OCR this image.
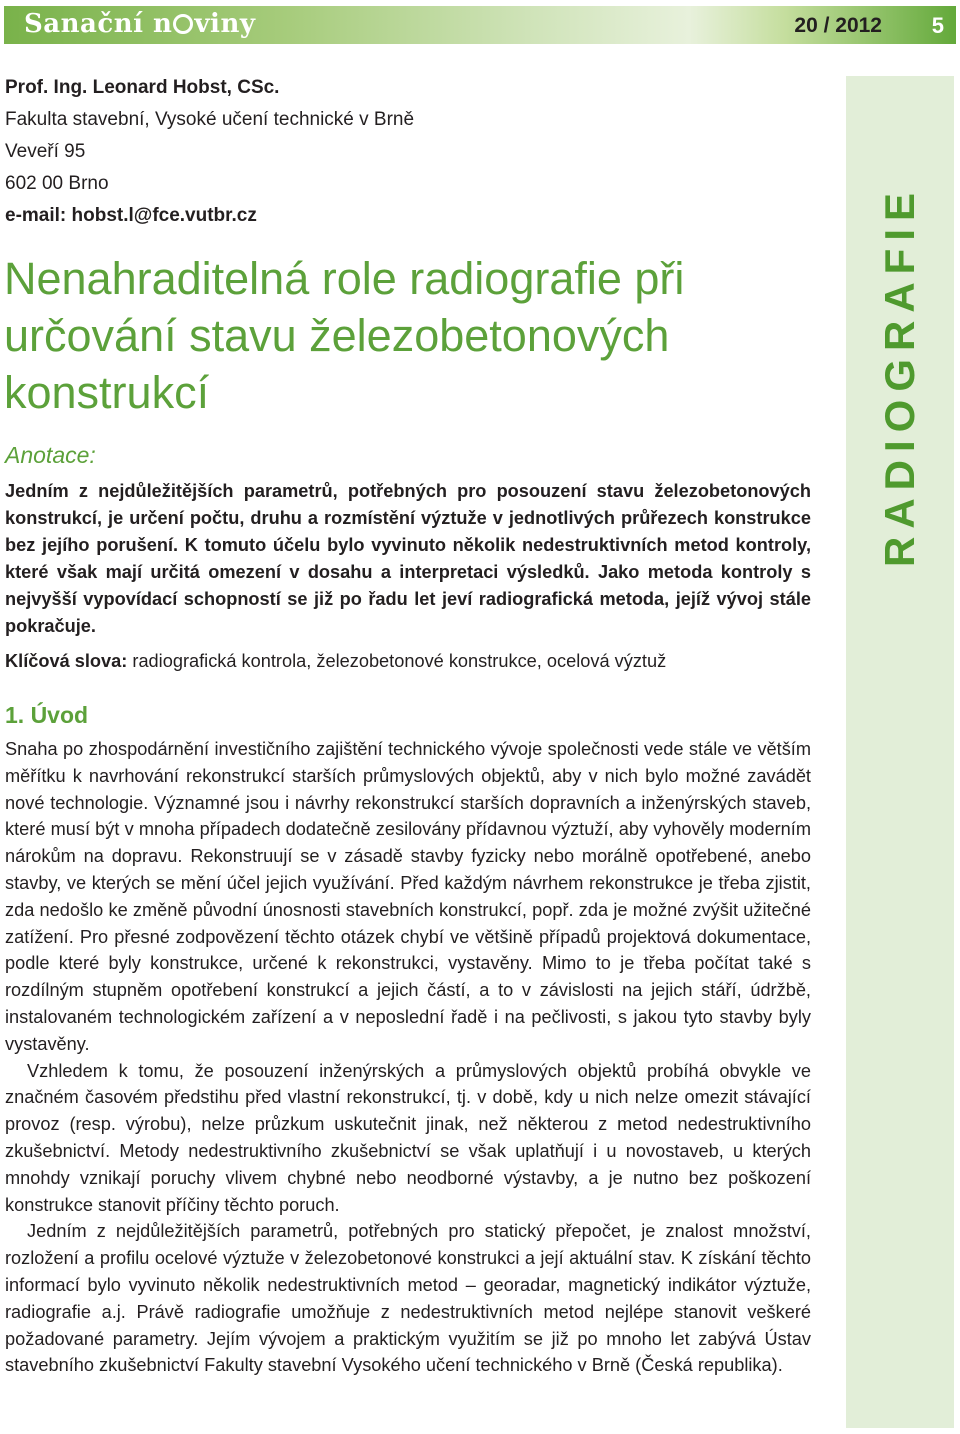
Sanační n viny	20 / 2012 5
RADIOGRAFIE
Prof. Ing. Leonard Hobst, CSc.
Fakulta stavební, Vysoké učení technické v Brně
Veveří 95
602 00 Brno
e-mail: hobst.l@fce.vutbr.cz
Nenahraditelná role radiografie při určování stavu železobetonových konstrukcí
Anotace:

Jedním z nejdůležitějších parametrů, potřebných pro posouzení stavu železobetonových konstrukcí, je určení počtu, druhu a rozmístění výztuže v jednotlivých průřezech konstrukce bez jejího porušení. K tomuto účelu bylo vyvinuto několik nedestruktivních metod kontroly, které však mají určitá omezení v dosahu a interpretaci výsledků. Jako metoda kontroly s nejvyšší vypovídací schopností se již po řadu let jeví radiografická metoda, jejíž vývoj stále pokračuje.

Klíčová slova: radiografická kontrola, železobetonové konstrukce, ocelová výztuž

1. Úvod

Snaha po zhospodárnění investičního zajištění technického vývoje společnosti vede stále ve větším měřítku k navrhování rekonstrukcí starších průmyslových objektů, aby v nich bylo možné zavádět nové technologie. Významné jsou i návrhy rekonstrukcí starších dopravních a inženýrských staveb, které musí být v mnoha případech dodatečně zesilovány přídavnou výztuží, aby vyhověly moderním nárokům na dopravu. Rekonstruují se v zásadě stavby fyzicky nebo morálně opotřebené, anebo stavby, ve kterých se mění účel jejich využívání. Před každým návrhem rekonstrukce je třeba zjistit, zda nedošlo ke změně původní únosnosti stavebních konstrukcí, popř. zda je možné zvýšit užitečné zatížení. Pro přesné zodpovězení těchto otázek chybí ve většině případů projektová dokumentace, podle které byly konstrukce, určené k rekonstrukci, vystavěny. Mimo to je třeba počítat také s rozdílným stupněm opotřebení konstrukcí a jejich částí, a to v závislosti na jejich stáří, údržbě, instalovaném technologickém zařízení a v neposlední řadě i na pečlivosti, s jakou tyto stavby byly vystavěny.

Vzhledem k tomu, že posouzení inženýrských a průmyslových objektů probíhá obvykle ve značném časovém předstihu před vlastní rekonstrukcí, tj. v době, kdy u nich nelze omezit stávající provoz (resp. výrobu), nelze průzkum uskutečnit jinak, než některou z metod nedestruktivního zkušebnictví. Metody nedestruktivního zkušebnictví se však uplatňují i u novostaveb, u kterých mnohdy vznikají poruchy vlivem chybné nebo neodborné výstavby, a je nutno bez poškození konstrukce stanovit příčiny těchto poruch.

Jedním z nejdůležitějších parametrů, potřebných pro statický přepočet, je znalost množství, rozložení a profilu ocelové výztuže v železobetonové konstrukci a její aktuální stav. K získání těchto informací bylo vyvinuto několik nedestruktivních metod – georadar, magnetický indikátor výztuže, radiografie a.j. Právě radiografie umožňuje z nedestruktivních metod nejlépe stanovit veškeré požadované parametry. Jejím vývojem a praktickým využitím se již po mnoho let zabývá Ústav stavebního zkušebnictví Fakulty stavební Vysokého učení technického v Brně (Česká republika).
